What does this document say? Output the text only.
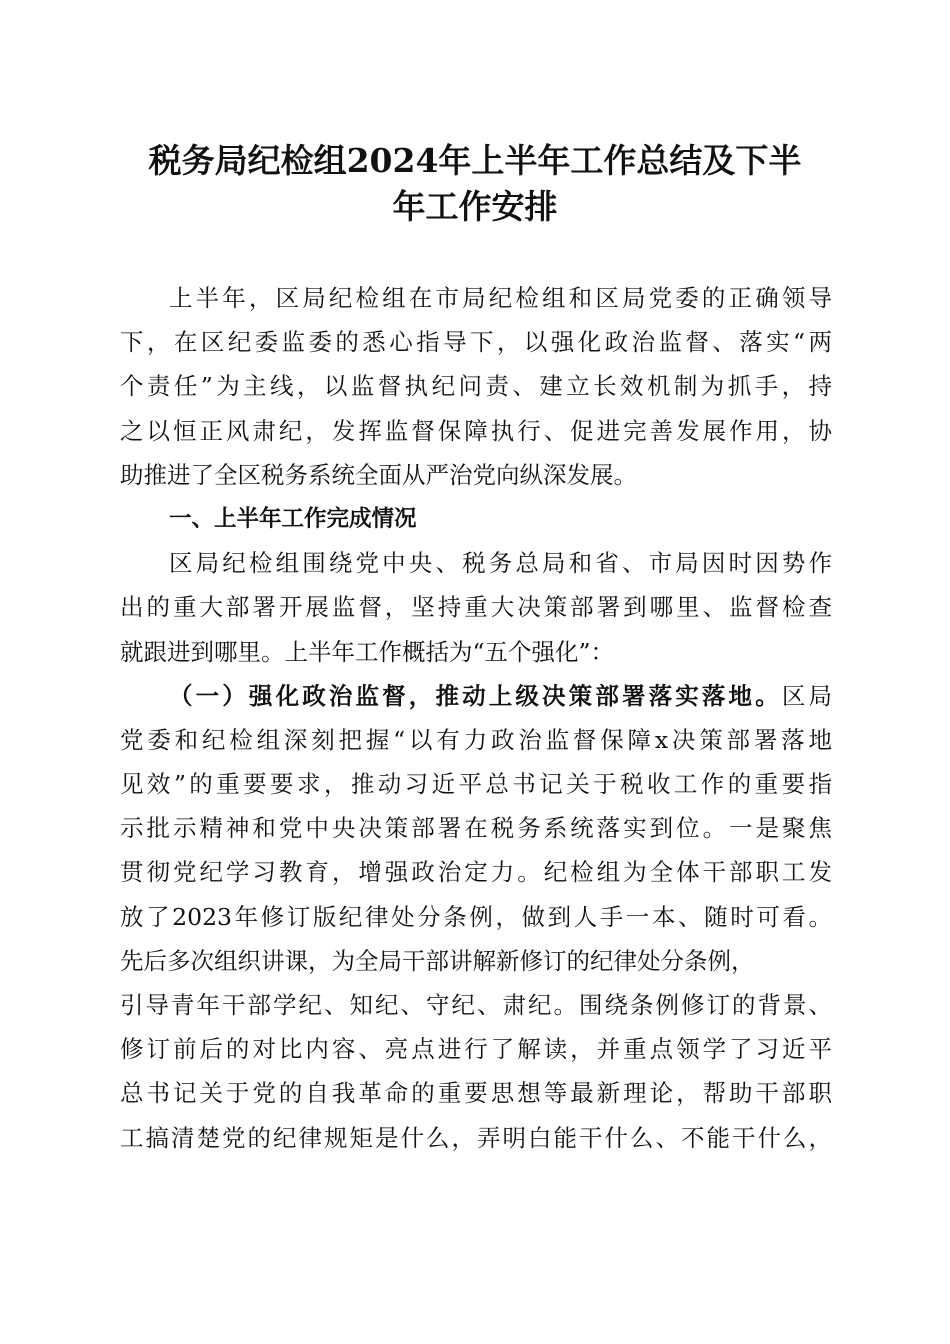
税务局纪检组2024年上半年工作总结及下半
年工作安排
上半年，区局纪检组在市局纪检组和区局党委的正确领导
下，在区纪委监委的悉心指导下，以强化政治监督、落实“两
个责任”为主线，以监督执纪问责、建立长效机制为抓手，持
之以恒正风肃纪，发挥监督保障执行、促进完善发展作用，协
助推进了全区税务系统全面从严治党向纵深发展。
一、上半年工作完成情况
区局纪检组围绕党中央、税务总局和省、市局因时因势作
出的重大部署开展监督，坚持重大决策部署到哪里、监督检查
就跟进到哪里。上半年工作概括为“五个强化”：
（一）强化政治监督，推动上级决策部署落实落地。区局
党委和纪检组深刻把握“以有力政治监督保障x决策部署落地
见效”的重要要求，推动习近平总书记关于税收工作的重要指
示批示精神和党中央决策部署在税务系统落实到位。一是聚焦
贯彻党纪学习教育，增强政治定力。纪检组为全体干部职工发
放了2023年修订版纪律处分条例，做到人手一本、随时可看。
先后多次组织讲课，为全局干部讲解新修订的纪律处分条例，
引导青年干部学纪、知纪、守纪、肃纪。围绕条例修订的背景、
修订前后的对比内容、亮点进行了解读，并重点领学了习近平
总书记关于党的自我革命的重要思想等最新理论，帮助干部职
工搞清楚党的纪律规矩是什么，弄明白能干什么、不能干什么，
